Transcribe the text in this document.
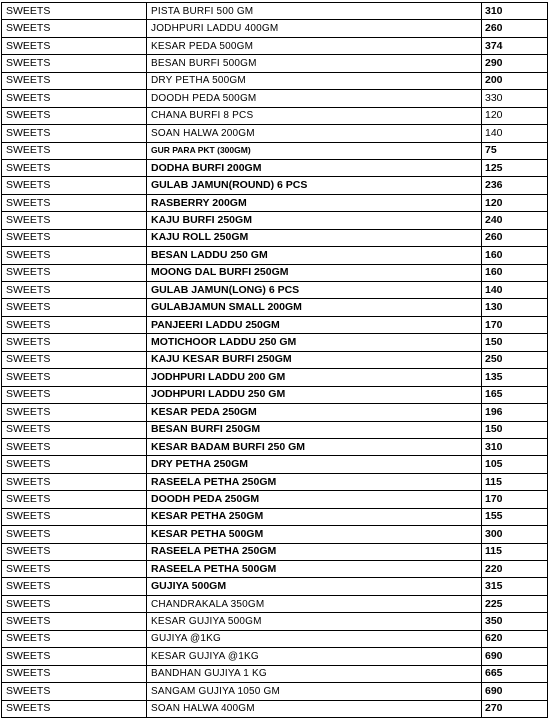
SWEETS	PISTA BURFI 500 GM	310
SWEETS	JODHPURI LADDU 400GM	260
SWEETS	KESAR PEDA 500GM	374
SWEETS	BESAN BURFI 500GM	290
SWEETS	DRY PETHA 500GM	200
SWEETS	DOODH PEDA 500GM	330
SWEETS	CHANA BURFI 8 PCS	120
SWEETS	SOAN HALWA 200GM	140
SWEETS	GUR PARA PKT (300GM)	75
SWEETS	DODHA BURFI 200GM	125
SWEETS	GULAB JAMUN(ROUND) 6 PCS	236
SWEETS	RASBERRY 200GM	120
SWEETS	KAJU BURFI 250GM	240
SWEETS	KAJU ROLL 250GM	260
SWEETS	BESAN LADDU 250 GM	160
SWEETS	MOONG DAL BURFI 250GM	160
SWEETS	GULAB JAMUN(LONG) 6 PCS	140
SWEETS	GULABJAMUN SMALL 200GM	130
SWEETS	PANJEERI LADDU 250GM	170
SWEETS	MOTICHOOR LADDU 250 GM	150
SWEETS	KAJU KESAR BURFI 250GM	250
SWEETS	JODHPURI LADDU 200 GM	135
SWEETS	JODHPURI LADDU 250 GM	165
SWEETS	KESAR PEDA 250GM	196
SWEETS	BESAN BURFI 250GM	150
SWEETS	KESAR BADAM BURFI 250 GM	310
SWEETS	DRY PETHA 250GM	105
SWEETS	RASEELA PETHA 250GM	115
SWEETS	DOODH PEDA 250GM	170
SWEETS	KESAR PETHA 250GM	155
SWEETS	KESAR PETHA 500GM	300
SWEETS	RASEELA PETHA 250GM	115
SWEETS	RASEELA PETHA 500GM	220
SWEETS	GUJIYA 500GM	315
SWEETS	CHANDRAKALA 350GM	225
SWEETS	KESAR GUJIYA 500GM	350
SWEETS	GUJIYA @1KG	620
SWEETS	KESAR GUJIYA @1KG	690
SWEETS	BANDHAN GUJIYA 1 KG	665
SWEETS	SANGAM GUJIYA 1050 GM	690
SWEETS	SOAN HALWA 400GM	270
